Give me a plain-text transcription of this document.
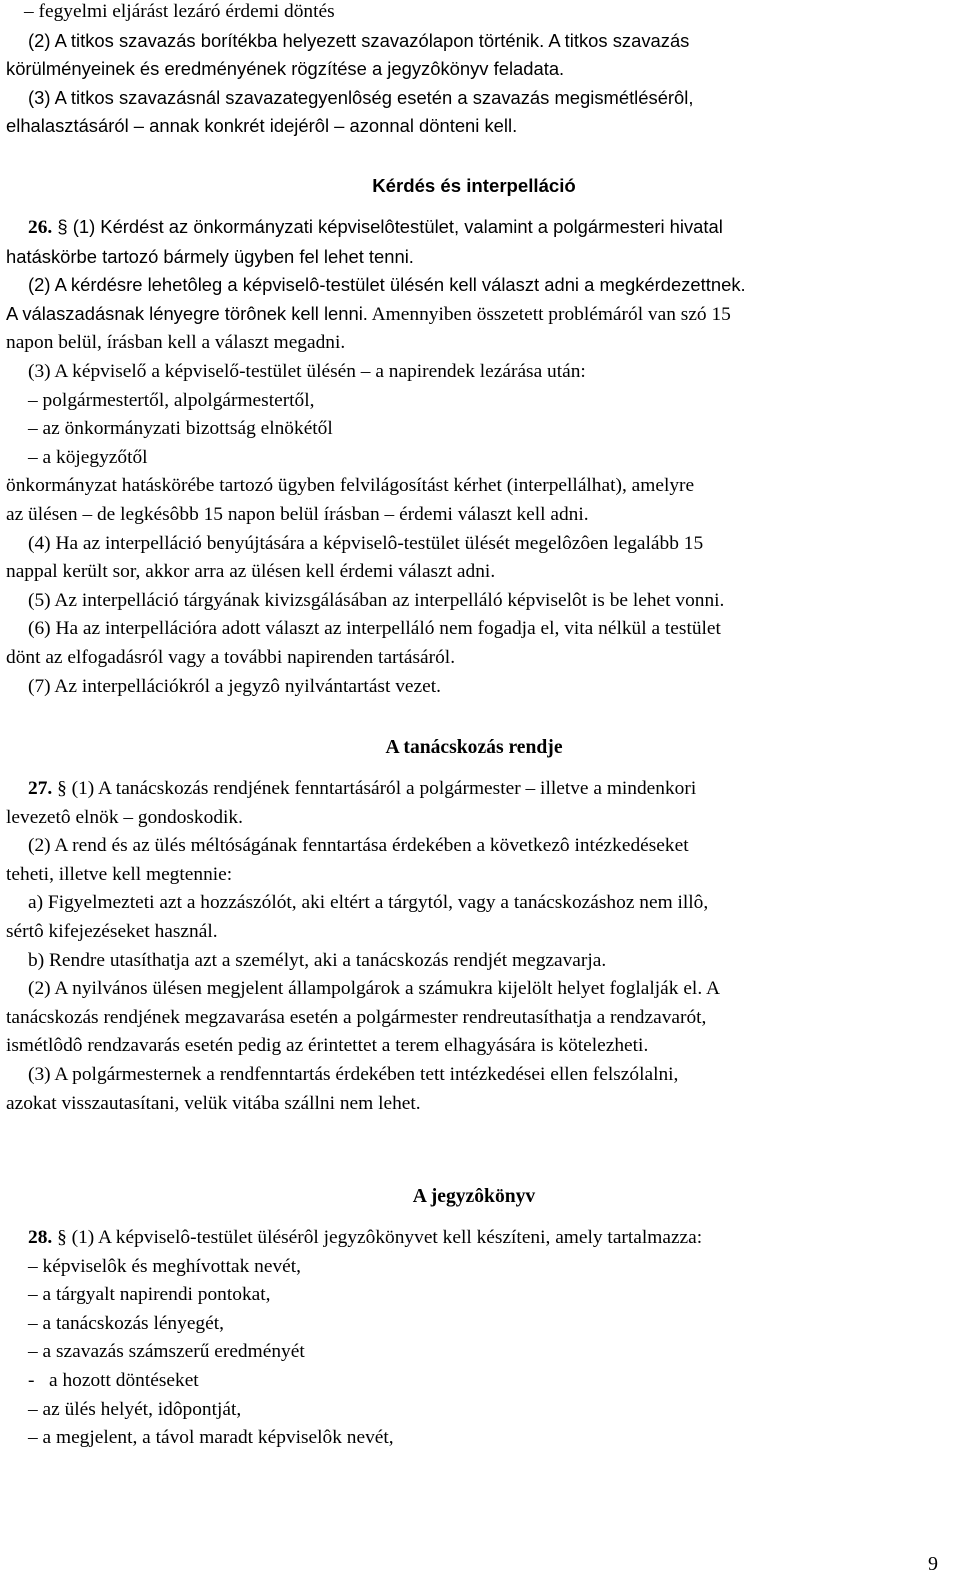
– fegyelmi eljárást lezáró érdemi döntés

(2) A titkos szavazás borítékba helyezett szavazólapon történik. A titkos szavazás

körülményeinek és eredményének rögzítése a jegyzôkönyv feladata.

(3) A titkos szavazásnál szavazategyenlôség esetén a szavazás megismétlésérôl,

elhalasztásáról – annak konkrét idejérôl – azonnal dönteni kell.

Kérdés és interpelláció

26. § (1) Kérdést az önkormányzati képviselôtestület, valamint a polgármesteri hivatal

hatáskörbe tartozó bármely ügyben fel lehet tenni.

(2) A kérdésre lehetôleg a képviselô-testület ülésén kell választ adni a megkérdezettnek.

A válaszadásnak lényegre törônek kell lenni. Amennyiben összetett problémáról van szó 15

napon belül, írásban kell a választ megadni.

(3) A képviselő a képviselő-testület ülésén – a napirendek lezárása után:

– polgármestertől, alpolgármestertől,

– az önkormányzati bizottság elnökétől

– a köjegyzőtől

önkormányzat hatáskörébe tartozó ügyben felvilágosítást kérhet (interpellálhat), amelyre

az ülésen – de legkésôbb 15 napon belül írásban – érdemi választ kell adni.

(4) Ha az interpelláció benyújtására a képviselô-testület ülését megelôzôen legalább 15

nappal került sor, akkor arra az ülésen kell érdemi választ adni.

(5) Az interpelláció tárgyának kivizsgálásában az interpelláló képviselôt is be lehet vonni.

(6) Ha az interpellációra adott választ az interpelláló nem fogadja el, vita nélkül a testület

dönt az elfogadásról vagy a további napirenden tartásáról.

(7) Az interpellációkról a jegyzô nyilvántartást vezet.

A tanácskozás rendje

27. § (1) A tanácskozás rendjének fenntartásáról a polgármester – illetve a mindenkori

levezetô elnök – gondoskodik.

(2) A rend és az ülés méltóságának fenntartása érdekében a következô intézkedéseket

teheti, illetve kell megtennie:

a) Figyelmezteti azt a hozzászólót, aki eltért a tárgytól, vagy a tanácskozáshoz nem illô,

sértô kifejezéseket használ.

b) Rendre utasíthatja azt a személyt, aki a tanácskozás rendjét megzavarja.

(2) A nyilvános ülésen megjelent állampolgárok a számukra kijelölt helyet foglalják el. A

tanácskozás rendjének megzavarása esetén a polgármester rendreutasíthatja a rendzavarót,

ismétlôdô rendzavarás esetén pedig az érintettet a terem elhagyására is kötelezheti.

(3) A polgármesternek a rendfenntartás érdekében tett intézkedései ellen felszólalni,

azokat visszautasítani, velük vitába szállni nem lehet.

A jegyzôkönyv

28. § (1) A képviselô-testület ülésérôl jegyzôkönyvet kell készíteni, amely tartalmazza:

– képviselôk és meghívottak nevét,

– a tárgyalt napirendi pontokat,

– a tanácskozás lényegét,

– a szavazás számszerű eredményét

-   a hozott döntéseket

– az ülés helyét, idôpontját,

– a megjelent, a távol maradt képviselôk nevét,

9
